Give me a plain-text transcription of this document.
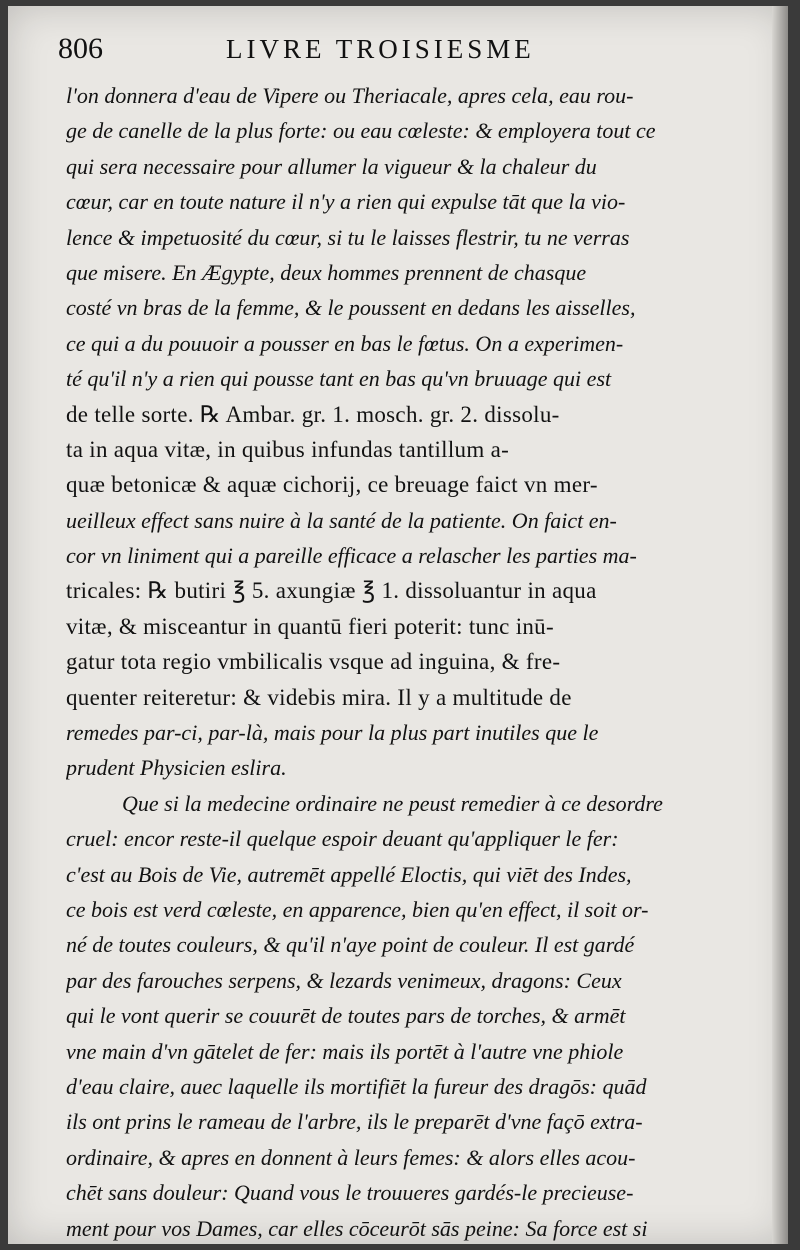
806	LIVRE TROISIESME
l'on donnera d'eau de Vipere ou Theriacale, apres cela, eau rou-
ge de canelle de la plus forte: ou eau cœleste: & employera tout ce
qui sera necessaire pour allumer la vigueur & la chaleur du
cœur, car en toute nature il n'y a rien qui expulse tāt que la vio-
lence & impetuosité du cœur, si tu le laisses flestrir, tu ne verras
que misere. En Ægypte, deux hommes prennent de chasque
costé vn bras de la femme, & le poussent en dedans les aisselles,
ce qui a du pouuoir a pousser en bas le fœtus. On a experimen-
té qu'il n'y a rien qui pousse tant en bas qu'vn bruuage qui est
de telle sorte. ℞ Ambar. gr. 1. mosch. gr. 2. dissolu-
ta in aqua vitæ, in quibus infundas tantillum a-
quæ betonicæ & aquæ cichorij, ce breuage faict vn mer-
ueilleux effect sans nuire à la santé de la patiente. On faict en-
cor vn liniment qui a pareille efficace a relascher les parties ma-
tricales: ℞ butiri ℥ 5. axungiæ ℥ 1. dissoluantur in aqua
vitæ, & misceantur in quantū fieri poterit: tunc inū-
gatur tota regio vmbilicalis vsque ad inguina, & fre-
quenter reiteretur: & videbis mira. Il y a multitude de
remedes par-ci, par-là, mais pour la plus part inutiles que le
prudent Physicien eslira.
Que si la medecine ordinaire ne peust remedier à ce desordre
cruel: encor reste-il quelque espoir deuant qu'appliquer le fer:
c'est au Bois de Vie, autremēt appellé Eloctis, qui viēt des Indes,
ce bois est verd cœleste, en apparence, bien qu'en effect, il soit or-
né de toutes couleurs, & qu'il n'aye point de couleur. Il est gardé
par des farouches serpens, & lezards venimeux, dragons: Ceux
qui le vont querir se couurēt de toutes pars de torches, & armēt
vne main d'vn gātelet de fer: mais ils portēt à l'autre vne phiole
d'eau claire, auec laquelle ils mortifiēt la fureur des dragōs: quād
ils ont prins le rameau de l'arbre, ils le preparēt d'vne façō extra-
ordinaire, & apres en donnent à leurs femes: & alors elles acou-
chēt sans douleur: Quand vous le trouueres gardés-le precieuse-
ment pour vos Dames, car elles cōceurōt sās peine: Sa force est si
